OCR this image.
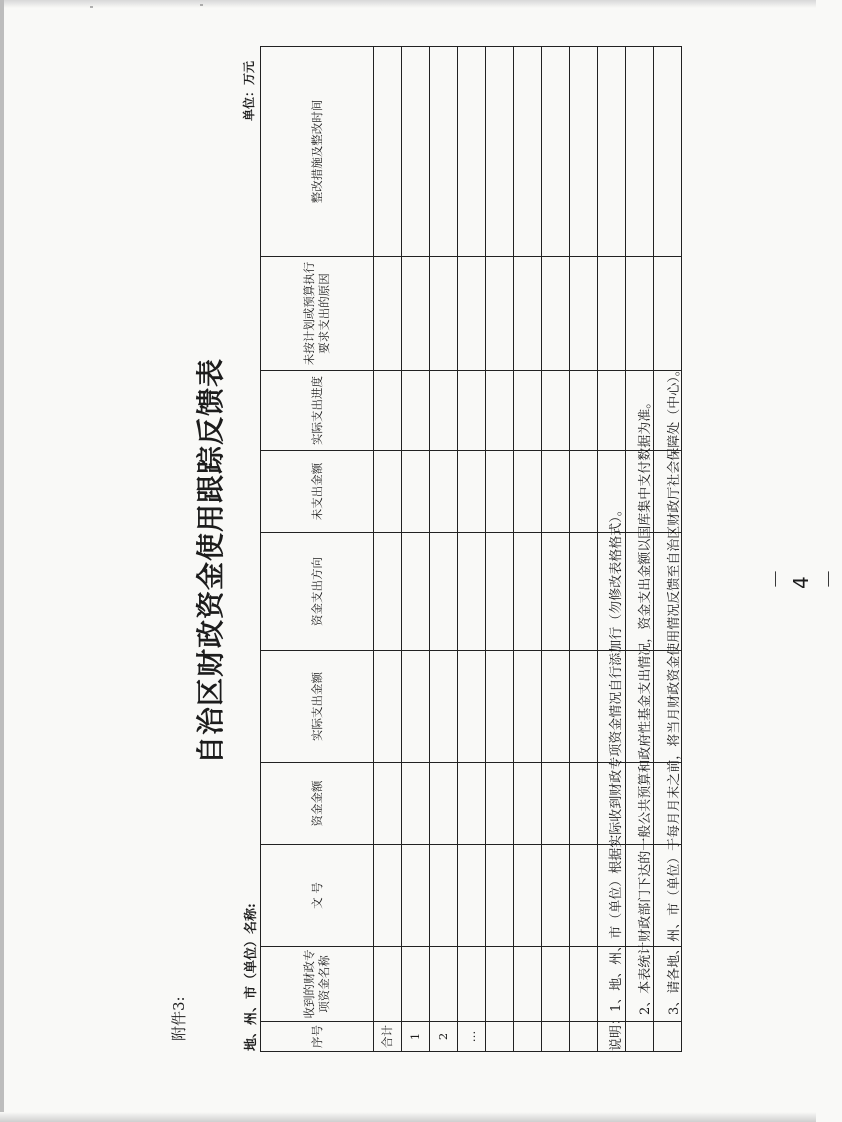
附件3:
自治区财政资金使用跟踪反馈表
地、州、市（单位）名称:
单位：万元
序号	收到的财政专项资金名称	文 号	资金金额	实际支出金额	资金支出方向	未支出金额	实际支出进度	未按计划或预算执行要求支出的原因	整改措施及整改时间
合计									
1									
2									
…									

										说明：1、地、州、市（单位）根据实际收到财政专项资金情况自行添加行（勿修改表格格式）。	2、本表统计财政部门下达的一般公共预算和政府性基金支出情况，资金支出金额以国库集中支付数据为准。	3、请各地、州、市（单位）于每月月末之前，将当月财政资金使用情况反馈至自治区财政厅社会保障处（中心）。	－ 4 －
